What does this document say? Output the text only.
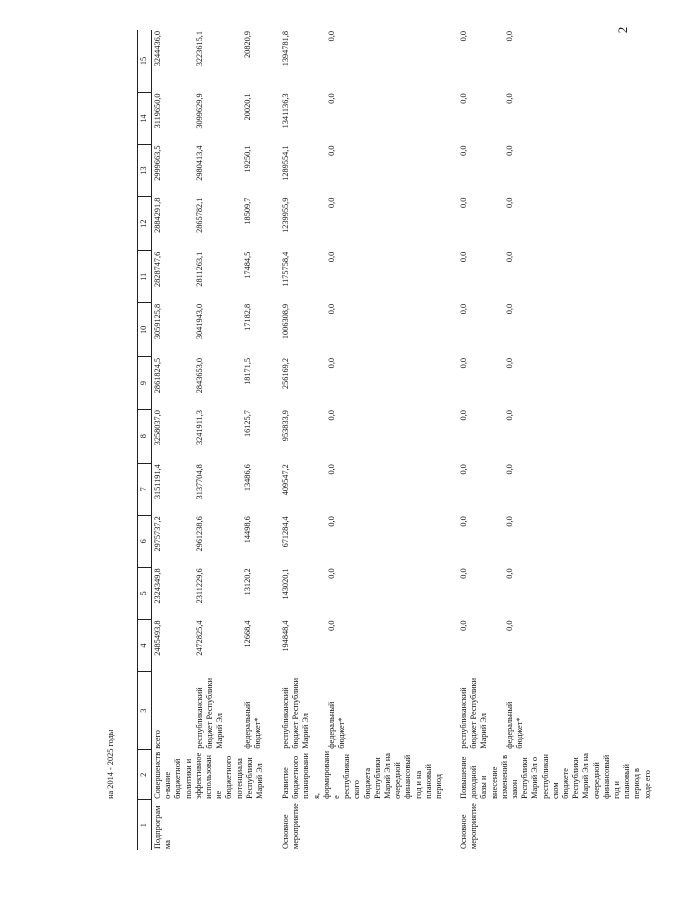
2
	на 2014 - 2025 годы													
1	2	3	4	5	6	7	8	9	10	11	12	13	14	15
Подпрограмма	Совершенство-вание бюджетной политики и эффективное использование бюджетного потенциала Республики Марий Эл	всего	2485493,8	2324349,8	2975737,2	3151191,4	3258037,0	2861824,5	3059125,8	2828747,6	2884291,8	2999663,5	3119650,0	3244436,0
		республиканский бюджет Республики Марий Эл	2472825,4	2311229,6	2961238,6	3137704,8	3241911,3	2843653,0	3041943,0	2811263,1	2865782,1	2980413,4	3099629,9	3223615,1
		федеральный бюджет*	12668,4	13120,2	14498,6	13486,6	16125,7	18171,5	17182,8	17484,5	18509,7	19250,1	20020,1	20820,9
Основное мероприятие	Развитие бюджетного планирования, формирование республиканского бюджета Республики Марий Эл на очередной финансовый год и на плановый период	республиканский бюджет Республики Марий Эл	194848,4	143020,1	671284,4	409547,2	953833,9	256169,2	1006308,9	1175758,4	1239955,9	1289554,1	1341136,3	1394781,8
		федеральный бюджет*	0,0	0,0	0,0	0,0	0,0	0,0	0,0	0,0	0,0	0,0	0,0	0,0
Основное мероприятие	Повышение доходной базы и внесение изменений в закон Республики Марий Эл о республиканском бюджете Республики Марий Эл на очередной финансовый год и плановый период в ходе его	республиканский бюджет Республики Марий Эл	0,0	0,0	0,0	0,0	0,0	0,0	0,0	0,0	0,0	0,0	0,0	0,0
		федеральный бюджет*	0,0	0,0	0,0	0,0	0,0	0,0	0,0	0,0	0,0	0,0	0,0	0,0
